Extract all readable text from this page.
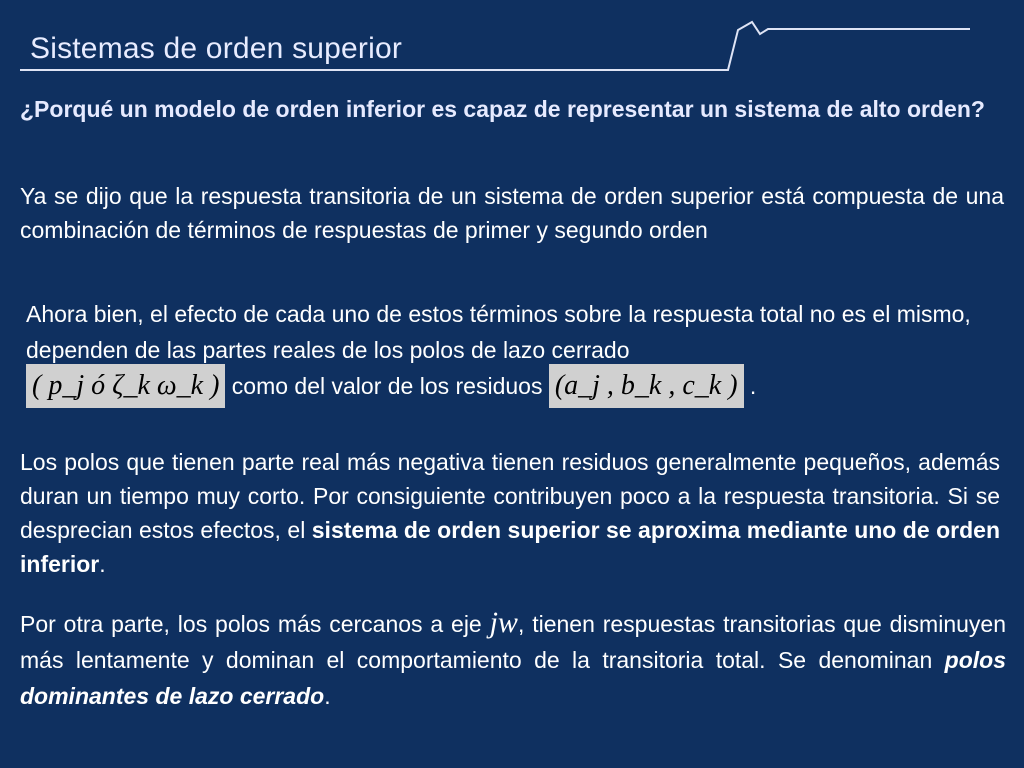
Sistemas de orden superior
¿Porqué un modelo de orden inferior es capaz de representar un sistema de alto orden?
Ya se dijo que la respuesta transitoria de un sistema de orden superior está compuesta de una combinación de términos de respuestas de primer y segundo orden
Ahora bien, el efecto de cada uno de estos términos sobre la respuesta total no es el mismo, dependen de las partes reales de los polos de lazo cerrado
( p_j ó ζ_k ω_k ) como del valor de los residuos (a_j , b_k , c_k ) .
Los polos que tienen parte real más negativa tienen residuos generalmente pequeños, además duran un tiempo muy corto. Por consiguiente contribuyen poco a la respuesta transitoria. Si se desprecian estos efectos, el sistema de orden superior se aproxima mediante uno de orden inferior.
Por otra parte, los polos más cercanos a eje jw, tienen respuestas transitorias que disminuyen más lentamente y dominan el comportamiento de la transitoria total. Se denominan polos dominantes de lazo cerrado.
